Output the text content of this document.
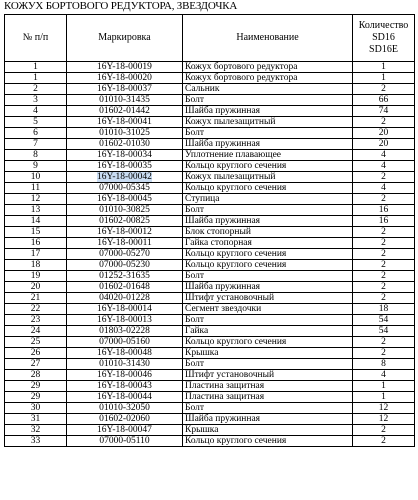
КОЖУХ БОРТОВОГО РЕДУКТОРА, ЗВЕЗДОЧКА
№ п/п	Маркировка	Наименование	Количество
SD16
SD16E

1	16Y-18-00019	Кожух бортового редуктора	1
1	16Y-18-00020	Кожух бортового редуктора	1
2	16Y-18-00037	Сальник	2
3	01010-31435	Болт	66
4	01602-01442	Шайба пружинная	74
5	16Y-18-00041	Кожух пылезащитный	2
6	01010-31025	Болт	20
7	01602-01030	Шайба пружинная	20
8	16Y-18-00034	Уплотнение плавающее	4
9	16Y-18-00035	Кольцо круглого сечения	4
10	16Y-18-00042	Кожух пылезащитный	2
11	07000-05345	Кольцо круглого сечения	4
12	16Y-18-00045	Ступица	2
13	01010-30825	Болт	16
14	01602-00825	Шайба пружинная	16
15	16Y-18-00012	Блок стопорный	2
16	16Y-18-00011	Гайка стопорная	2
17	07000-05270	Кольцо круглого сечения	2
18	07000-05230	Кольцо круглого сечения	2
19	01252-31635	Болт	2
20	01602-01648	Шайба пружинная	2
21	04020-01228	Штифт установочный	2
22	16Y-18-00014	Сегмент звездочки	18
23	16Y-18-00013	Болт	54
24	01803-02228	Гайка	54
25	07000-05160	Кольцо круглого сечения	2
26	16Y-18-00048	Крышка	2
27	01010-31430	Болт	8
28	16Y-18-00046	Штифт установочный	4
29	16Y-18-00043	Пластина защитная	1
29	16Y-18-00044	Пластина защитная	1
30	01010-32050	Болт	12
31	01602-02060	Шайба пружинная	12
32	16Y-18-00047	Крышка	2
33	07000-05110	Кольцо круглого сечения	2
